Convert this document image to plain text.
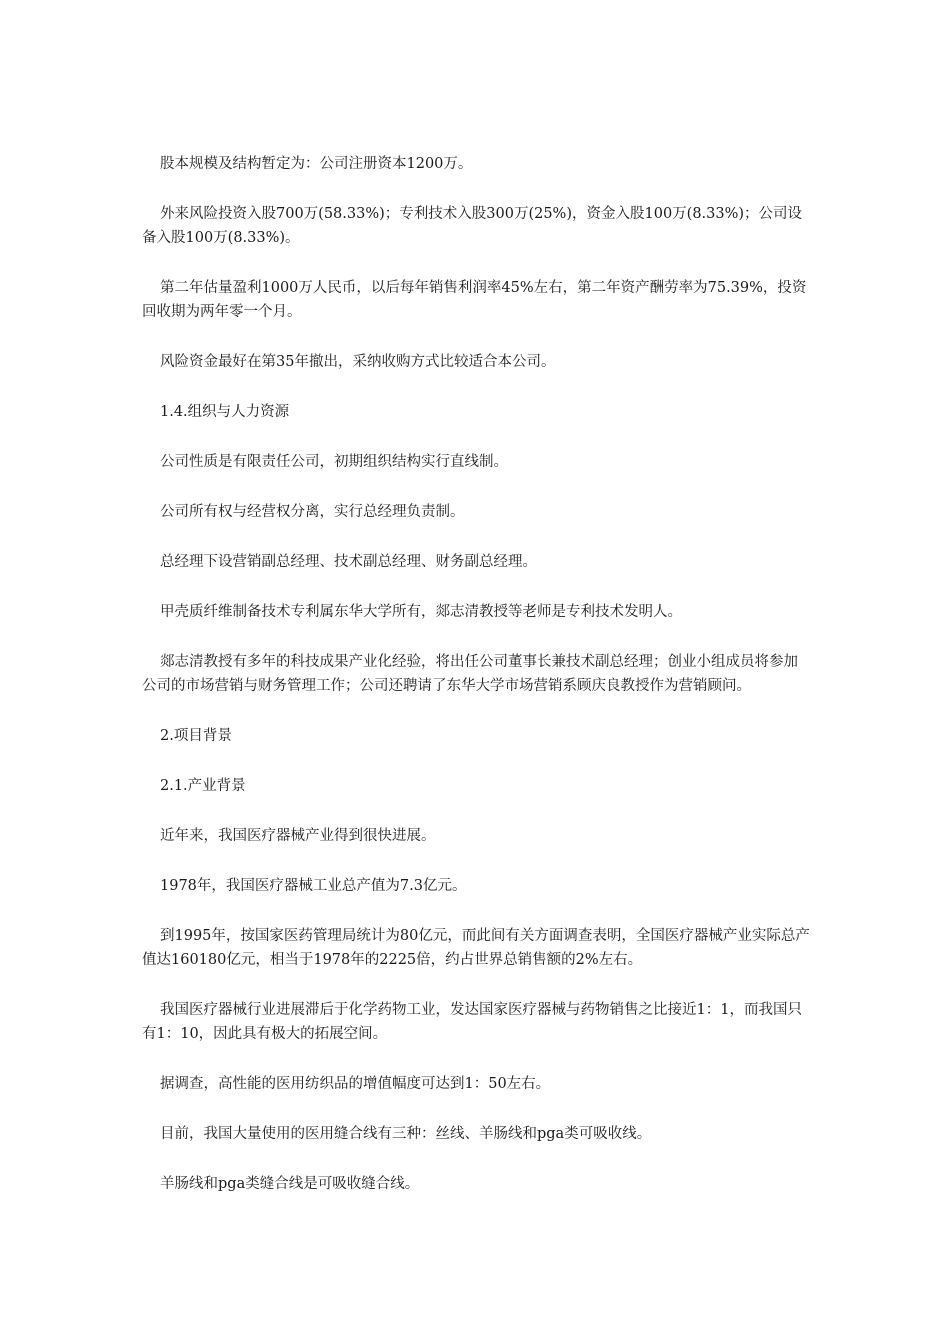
股本规模及结构暂定为：公司注册资本1200万。

外来风险投资入股700万(58.33%)；专利技术入股300万(25%)，资金入股100万(8.33%)；公司设备入股100万(8.33%)。

第二年估量盈利1000万人民币，以后每年销售利润率45%左右，第二年资产酬劳率为75.39%，投资回收期为两年零一个月。

风险资金最好在第35年撤出，采纳收购方式比较适合本公司。

1.4.组织与人力资源

公司性质是有限责任公司，初期组织结构实行直线制。

公司所有权与经营权分离，实行总经理负责制。

总经理下设营销副总经理、技术副总经理、财务副总经理。

甲壳质纤维制备技术专利属东华大学所有，郯志清教授等老师是专利技术发明人。

郯志清教授有多年的科技成果产业化经验，将出任公司董事长兼技术副总经理；创业小组成员将参加公司的市场营销与财务管理工作；公司还聘请了东华大学市场营销系顾庆良教授作为营销顾问。

2.项目背景

2.1.产业背景

近年来，我国医疗器械产业得到很快进展。

1978年，我国医疗器械工业总产值为7.3亿元。

到1995年，按国家医药管理局统计为80亿元，而此间有关方面调查表明，全国医疗器械产业实际总产值达160180亿元，相当于1978年的2225倍，约占世界总销售额的2%左右。

我国医疗器械行业进展滞后于化学药物工业，发达国家医疗器械与药物销售之比接近1：1，而我国只有1：10，因此具有极大的拓展空间。

据调查，高性能的医用纺织品的增值幅度可达到1：50左右。

目前，我国大量使用的医用缝合线有三种：丝线、羊肠线和pga类可吸收线。

羊肠线和pga类缝合线是可吸收缝合线。
